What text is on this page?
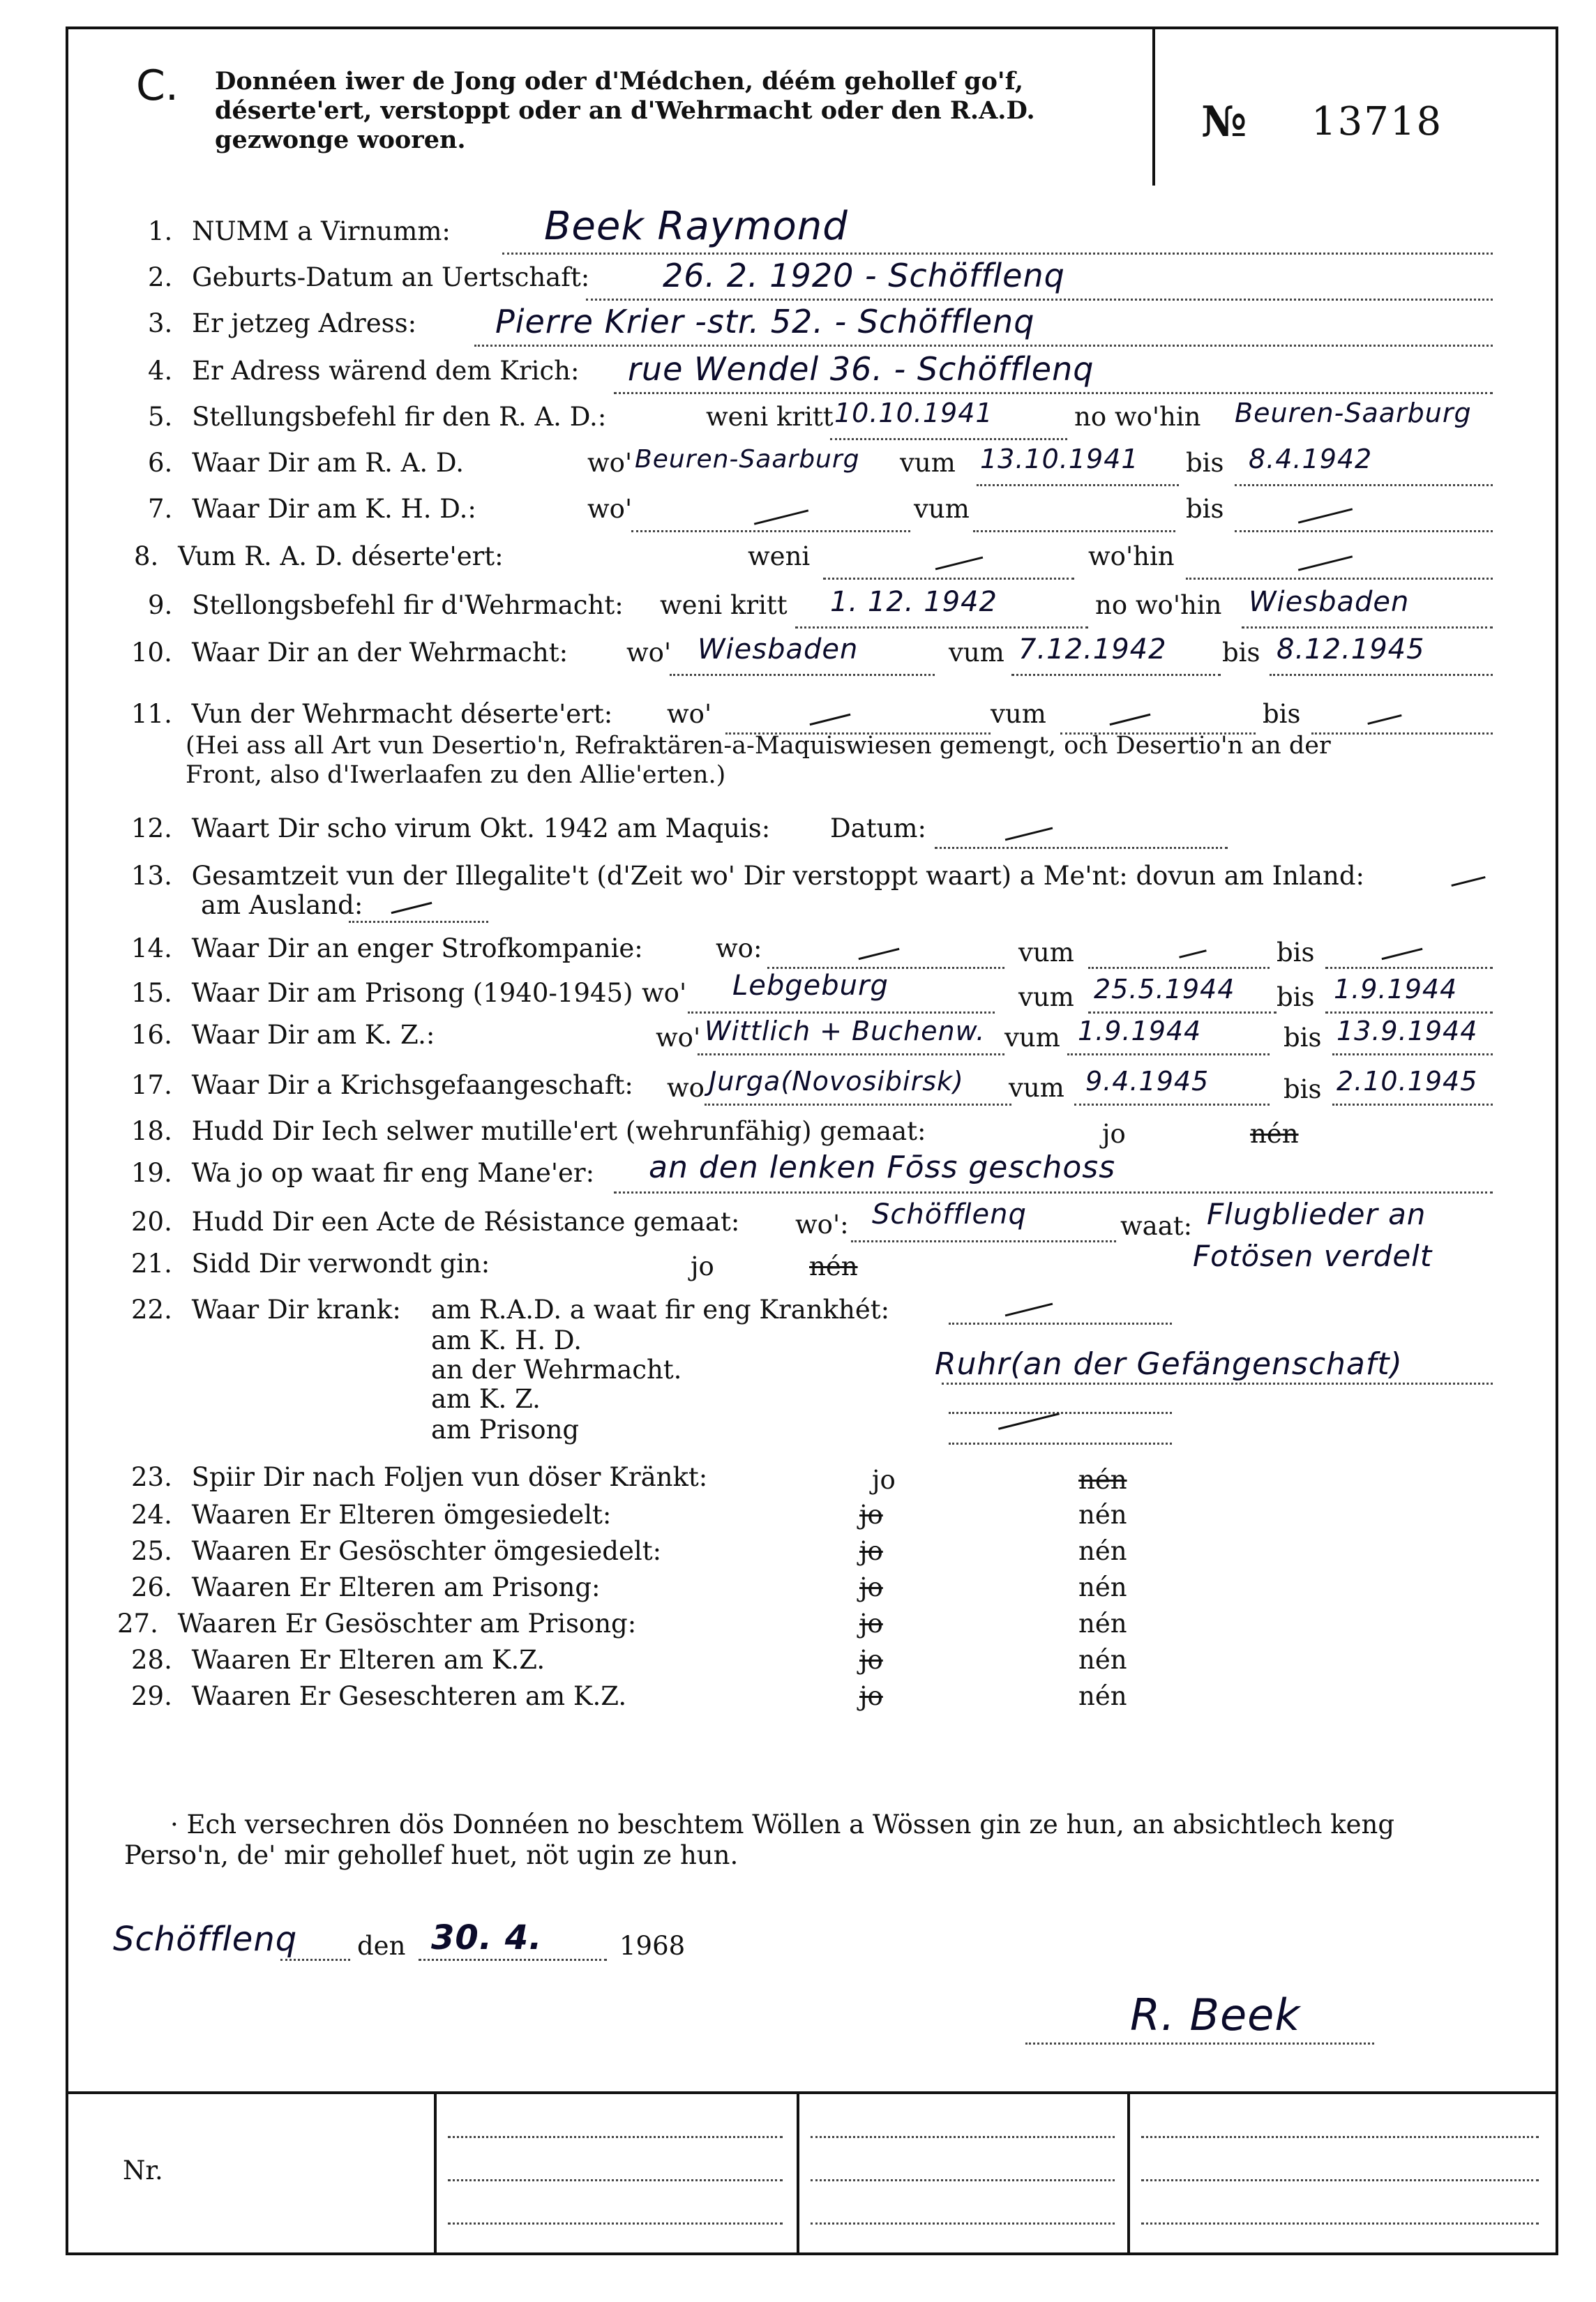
C. Donnéen iwer de Jong oder d'Médchen, déém gehollef go'f, déserte'ert, verstoppt oder an d'Wehrmacht oder den R.A.D. gezwonge wooren.	№ 13718
1. NUMM a Virnumm: Beek Raymond
2. Geburts-Datum an Uertschaft: 26. 2. 1920 - Schöfflenq
3. Er jetzeg Adress: Pierre Krier -str. 52. - Schöfflenq
4. Er Adress wärend dem Krich: rue Wendel 36. - Schöfflenq
5. Stellungsbefehl fir den R. A. D.:	weni kritt 10.10.1941	no wo'hin Beuren-Saarburg
6. Waar Dir am R. A. D.	wo' Beuren-Saarburg vum 13.10.1941 bis 8.4.1942
7. Waar Dir am K. H. D.:	wo'	vum	bis
8. Vum R. A. D. déserte'ert:	weni	wo'hin
9. Stellongsbefehl fir d'Wehrmacht: weni kritt 1. 12. 1942	no wo'hin Wiesbaden
10. Waar Dir an der Wehrmacht: wo' Wiesbaden	vum 7.12.1942 bis 8.12.1945
11. Vun der Wehrmacht déserte'ert: wo'	vum	bis
(Hei ass all Art vun Desertio'n, Refraktären-a-Maquiswiesen gemengt, och Desertio'n an der
Front, also d'Iwerlaafen zu den Allie'erten.)
12. Waart Dir scho virum Okt. 1942 am Maquis: Datum:
13. Gesamtzeit vun der Illegalite't (d'Zeit wo' Dir verstoppt waart) a Me'nt: dovun am Inland:
am Ausland:
14. Waar Dir an enger Strofkompanie:	wo:	vum	bis
15. Waar Dir am Prisong (1940-1945) wo' Lebgeburg	vum 25.5.1944 bis 1.9.1944
16. Waar Dir am K. Z.:	wo' Wittlich + Buchenw. vum 1.9.1944	bis 13.9.1944
17. Waar Dir a Krichsgefaangeschaft: wo Jurga(Novosibirsk) vum 9.4.1945	bis 2.10.1945
18. Hudd Dir Iech selwer mutille'ert (wehrunfähig) gemaat:	jo	nén
19. Wa jo op waat fir eng Mane'er: an den lenken Fōss geschoss
20. Hudd Dir een Acte de Résistance gemaat: wo': Schöfflenq	waat: Flugblieder an
Fotösen verdelt
21. Sidd Dir verwondt gin:	jo	nén
22. Waar Dir krank: am R.A.D. a waat fir eng Krankhét:
am K. H. D.
an der Wehrmacht.	Ruhr(an der Gefängenschaft)
am K. Z.
am Prisong
23. Spiir Dir nach Foljen vun döser Kränkt:	jo	nén
24. Waaren Er Elteren ömgesiedelt:	jo	nén
25. Waaren Er Gesöschter ömgesiedelt:	jo	nén
26. Waaren Er Elteren am Prisong:	jo	nén
27. Waaren Er Gesöschter am Prisong:	jo	nén
28. Waaren Er Elteren am K.Z.	jo	nén
29. Waaren Er Geseschteren am K.Z.	jo	nén
· Ech versechren dös Donnéen no beschtem Wöllen a Wössen gin ze hun, an absichtlech keng
Perso'n, de' mir gehollef huet, nöt ugin ze hun.
Schöfflenq den 30. 4.	1968
R. Beek
Nr.
